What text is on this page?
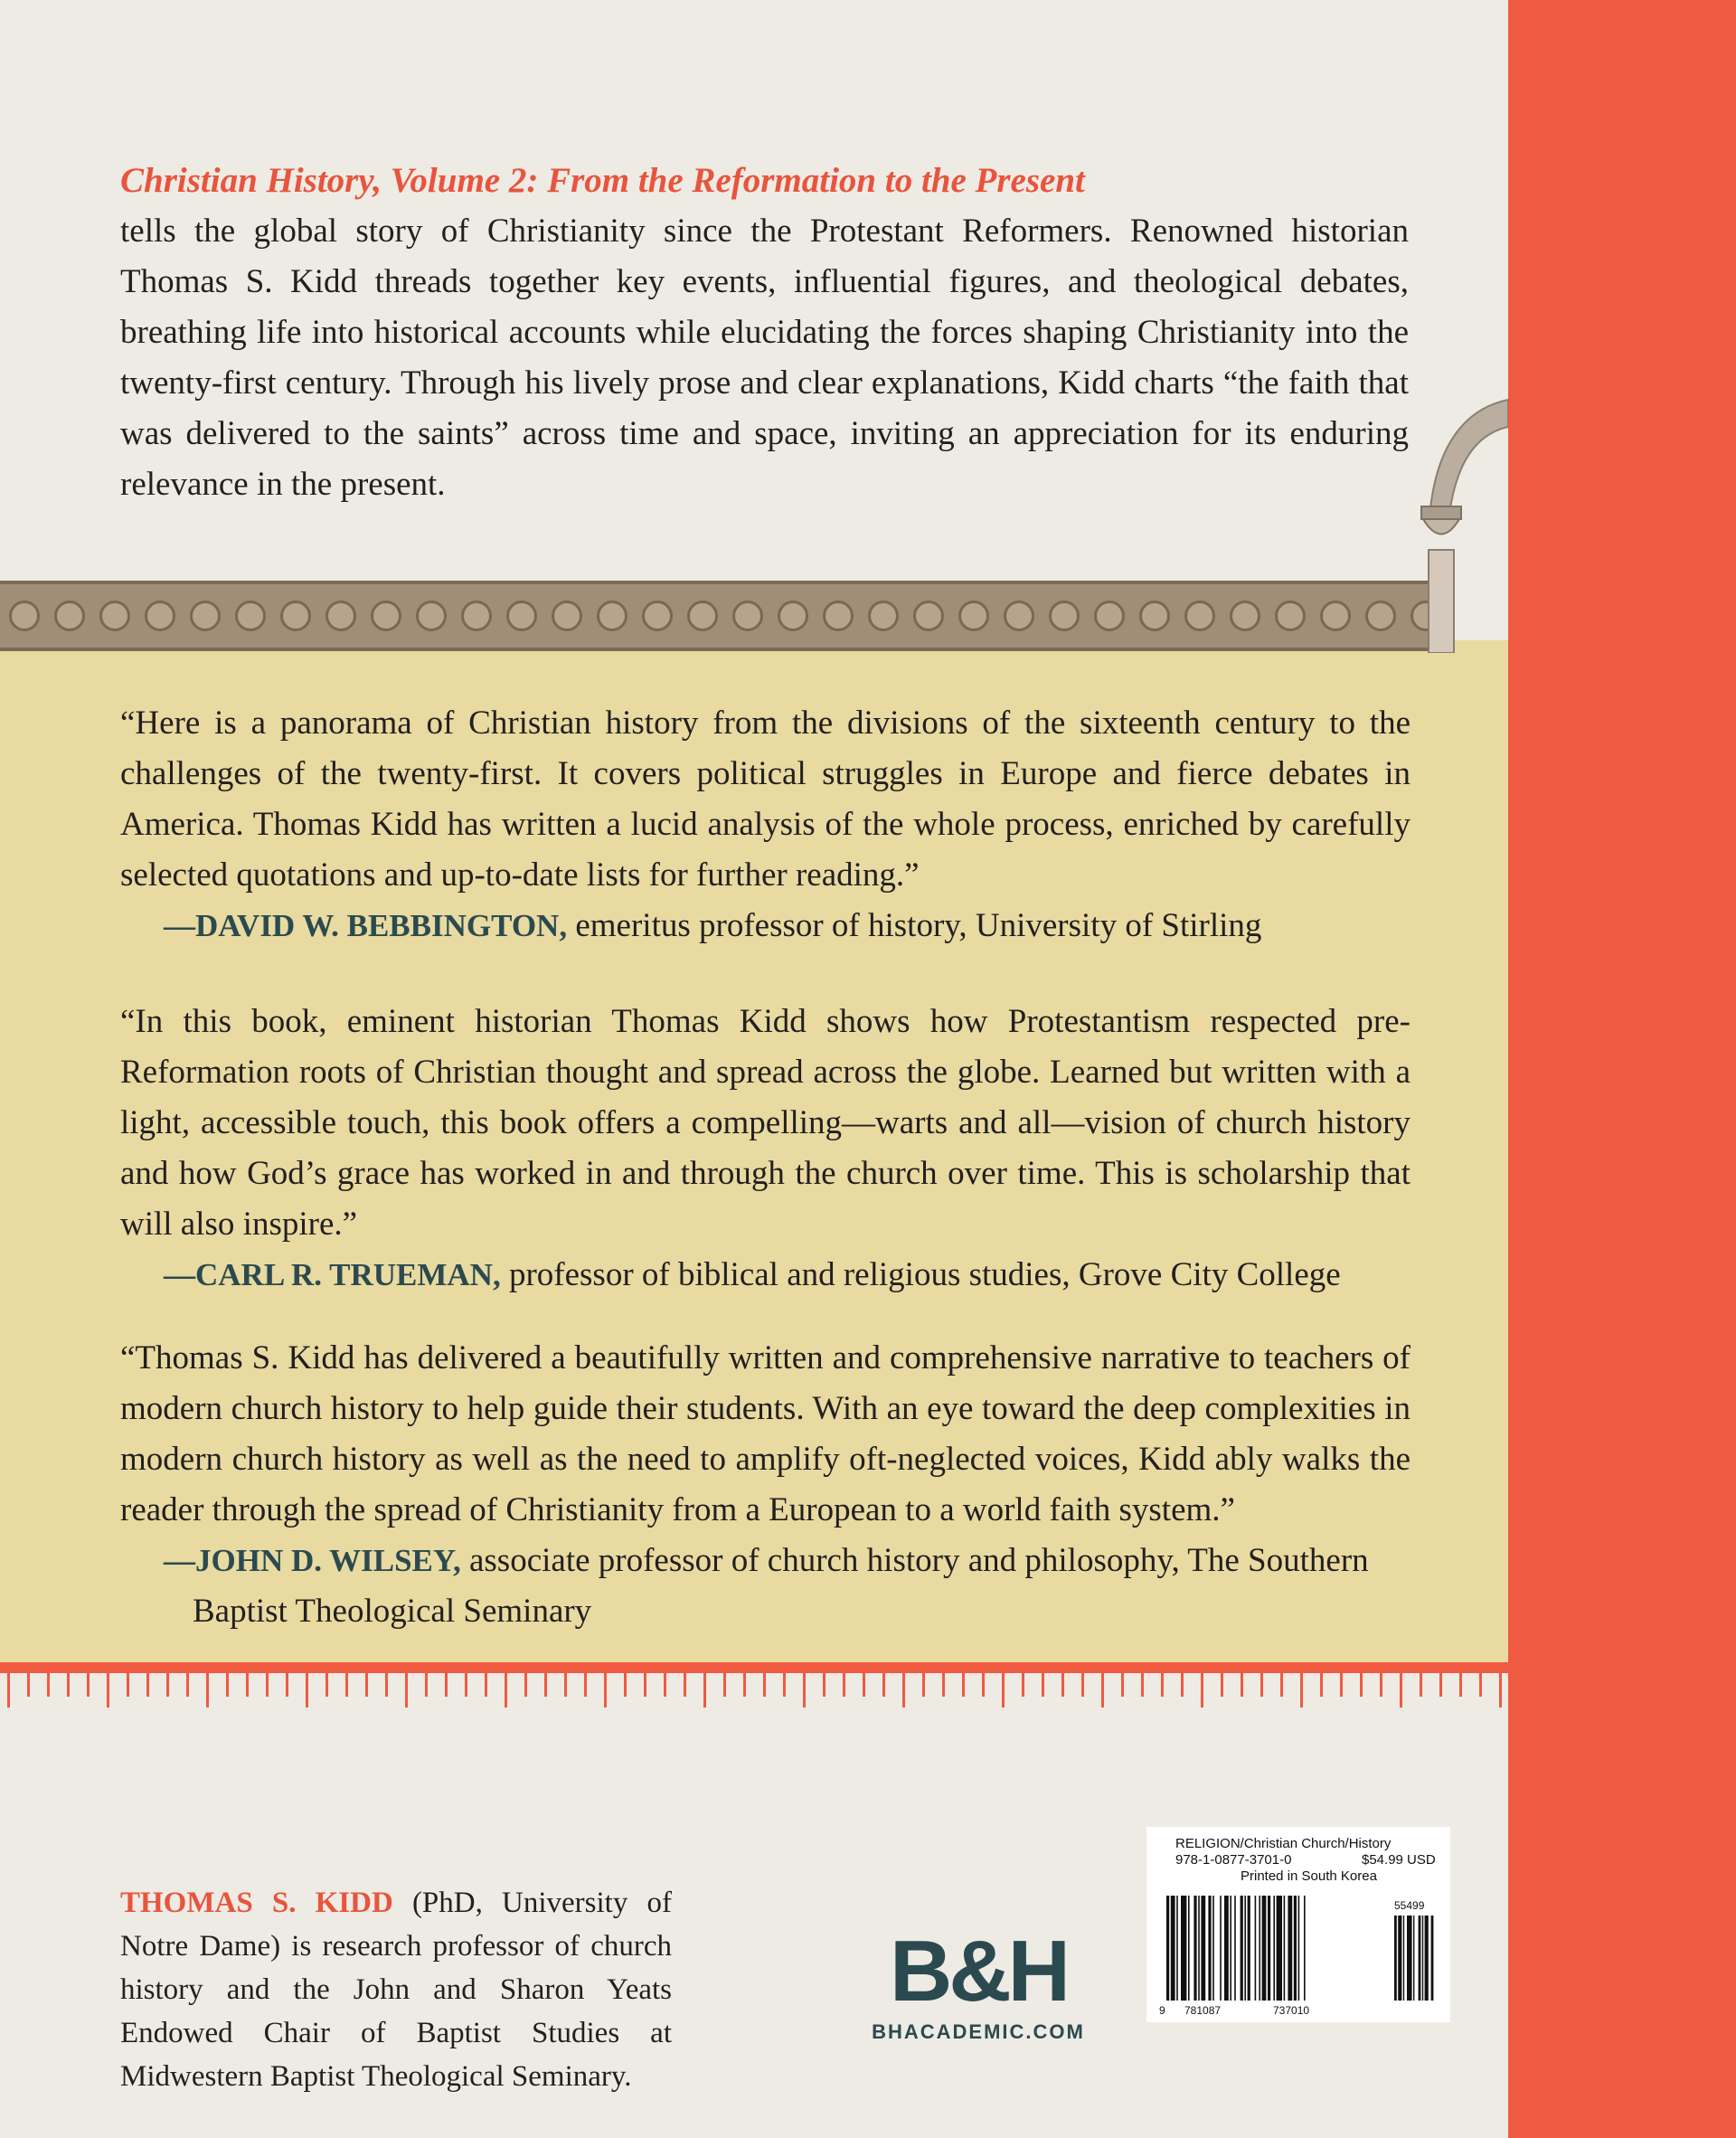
Christian History, Volume 2: From the Reformation to the Present
tells the global story of Christianity since the Protestant Reformers. Renowned historian Thomas S. Kidd threads together key events, influential figures, and theological debates, breathing life into historical accounts while elucidating the forces shaping Christianity into the twenty-first century. Through his lively prose and clear explanations, Kidd charts “the faith that was delivered to the saints” across time and space, inviting an appreciation for its enduring relevance in the present.
“Here is a panorama of Christian history from the divisions of the sixteenth century to the challenges of the twenty-first. It covers political struggles in Europe and fierce debates in America. Thomas Kidd has written a lucid analysis of the whole process, enriched by carefully selected quotations and up-to-date lists for further reading.”
—DAVID W. BEBBINGTON, emeritus professor of history, University of Stirling
“In this book, eminent historian Thomas Kidd shows how Protestantism respected pre-Reformation roots of Christian thought and spread across the globe. Learned but written with a light, accessible touch, this book offers a compelling—warts and all—vision of church history and how God’s grace has worked in and through the church over time. This is scholarship that will also inspire.”
—CARL R. TRUEMAN, professor of biblical and religious studies, Grove City College
“Thomas S. Kidd has delivered a beautifully written and comprehensive narrative to teachers of modern church history to help guide their students. With an eye toward the deep complexities in modern church history as well as the need to amplify oft-neglected voices, Kidd ably walks the reader through the spread of Christianity from a European to a world faith system.”
—JOHN D. WILSEY, associate professor of church history and philosophy, The Southern
Baptist Theological Seminary
THOMAS S. KIDD (PhD, University of Notre Dame) is research professor of church history and the John and Sharon Yeats Endowed Chair of Baptist Studies at Midwestern Baptist Theological Seminary.
B&H
BHACADEMIC.COM
RELIGION/Christian Church/History
978-1-0877-3701-0	$54.99 USD
Printed in South Korea
55499
9 781087	737010
